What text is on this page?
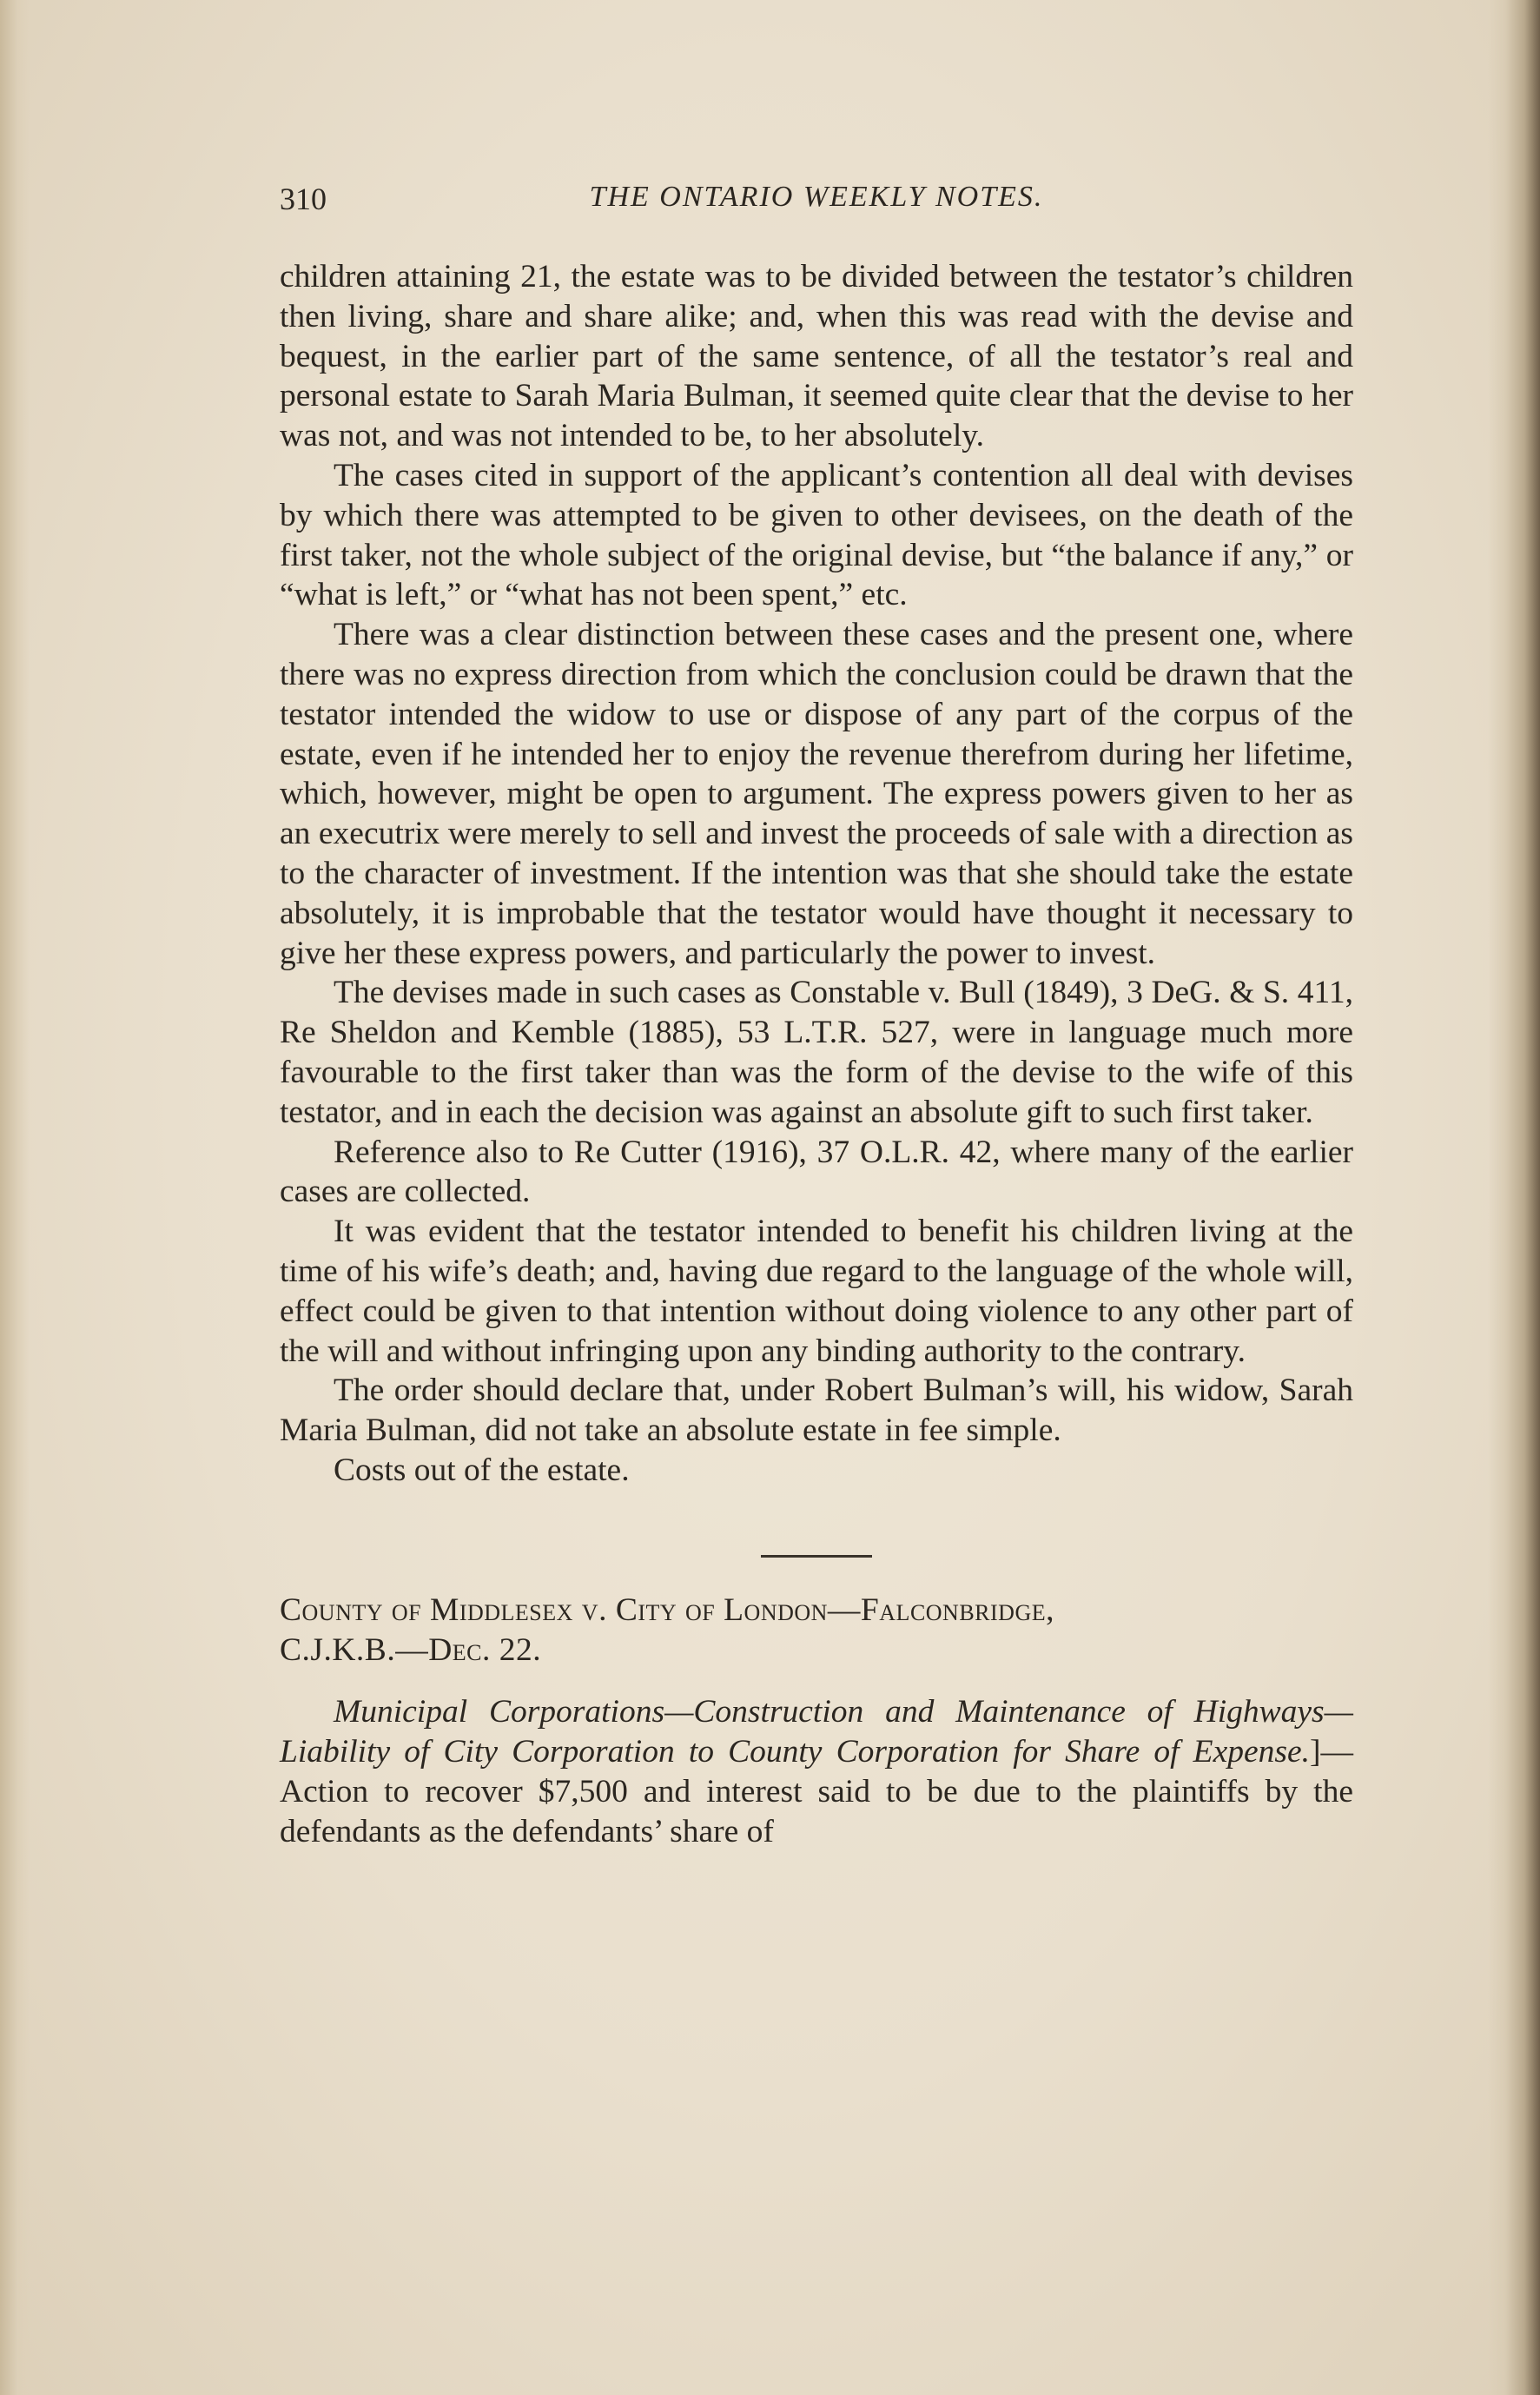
310	THE ONTARIO WEEKLY NOTES.

children attaining 21, the estate was to be divided between the testator’s children then living, share and share alike; and, when this was read with the devise and bequest, in the earlier part of the same sentence, of all the testator’s real and personal estate to Sarah Maria Bulman, it seemed quite clear that the devise to her was not, and was not intended to be, to her absolutely.

The cases cited in support of the applicant’s contention all deal with devises by which there was attempted to be given to other devisees, on the death of the first taker, not the whole subject of the original devise, but “the balance if any,” or “what is left,” or “what has not been spent,” etc.

There was a clear distinction between these cases and the present one, where there was no express direction from which the conclusion could be drawn that the testator intended the widow to use or dispose of any part of the corpus of the estate, even if he intended her to enjoy the revenue therefrom during her lifetime, which, however, might be open to argument. The express powers given to her as an executrix were merely to sell and invest the proceeds of sale with a direction as to the character of investment. If the intention was that she should take the estate absolutely, it is improbable that the testator would have thought it necessary to give her these express powers, and particularly the power to invest.

The devises made in such cases as Constable v. Bull (1849), 3 DeG. & S. 411, Re Sheldon and Kemble (1885), 53 L.T.R. 527, were in language much more favourable to the first taker than was the form of the devise to the wife of this testator, and in each the decision was against an absolute gift to such first taker.

Reference also to Re Cutter (1916), 37 O.L.R. 42, where many of the earlier cases are collected.

It was evident that the testator intended to benefit his children living at the time of his wife’s death; and, having due regard to the language of the whole will, effect could be given to that intention without doing violence to any other part of the will and without infringing upon any binding authority to the contrary.

The order should declare that, under Robert Bulman’s will, his widow, Sarah Maria Bulman, did not take an absolute estate in fee simple.

Costs out of the estate.

County of Middlesex v. City of London—Falconbridge,

C.J.K.B.—Dec. 22.

Municipal Corporations—Construction and Maintenance of Highways—Liability of City Corporation to County Corporation for Share of Expense.]—Action to recover $7,500 and interest said to be due to the plaintiffs by the defendants as the defendants’ share of
